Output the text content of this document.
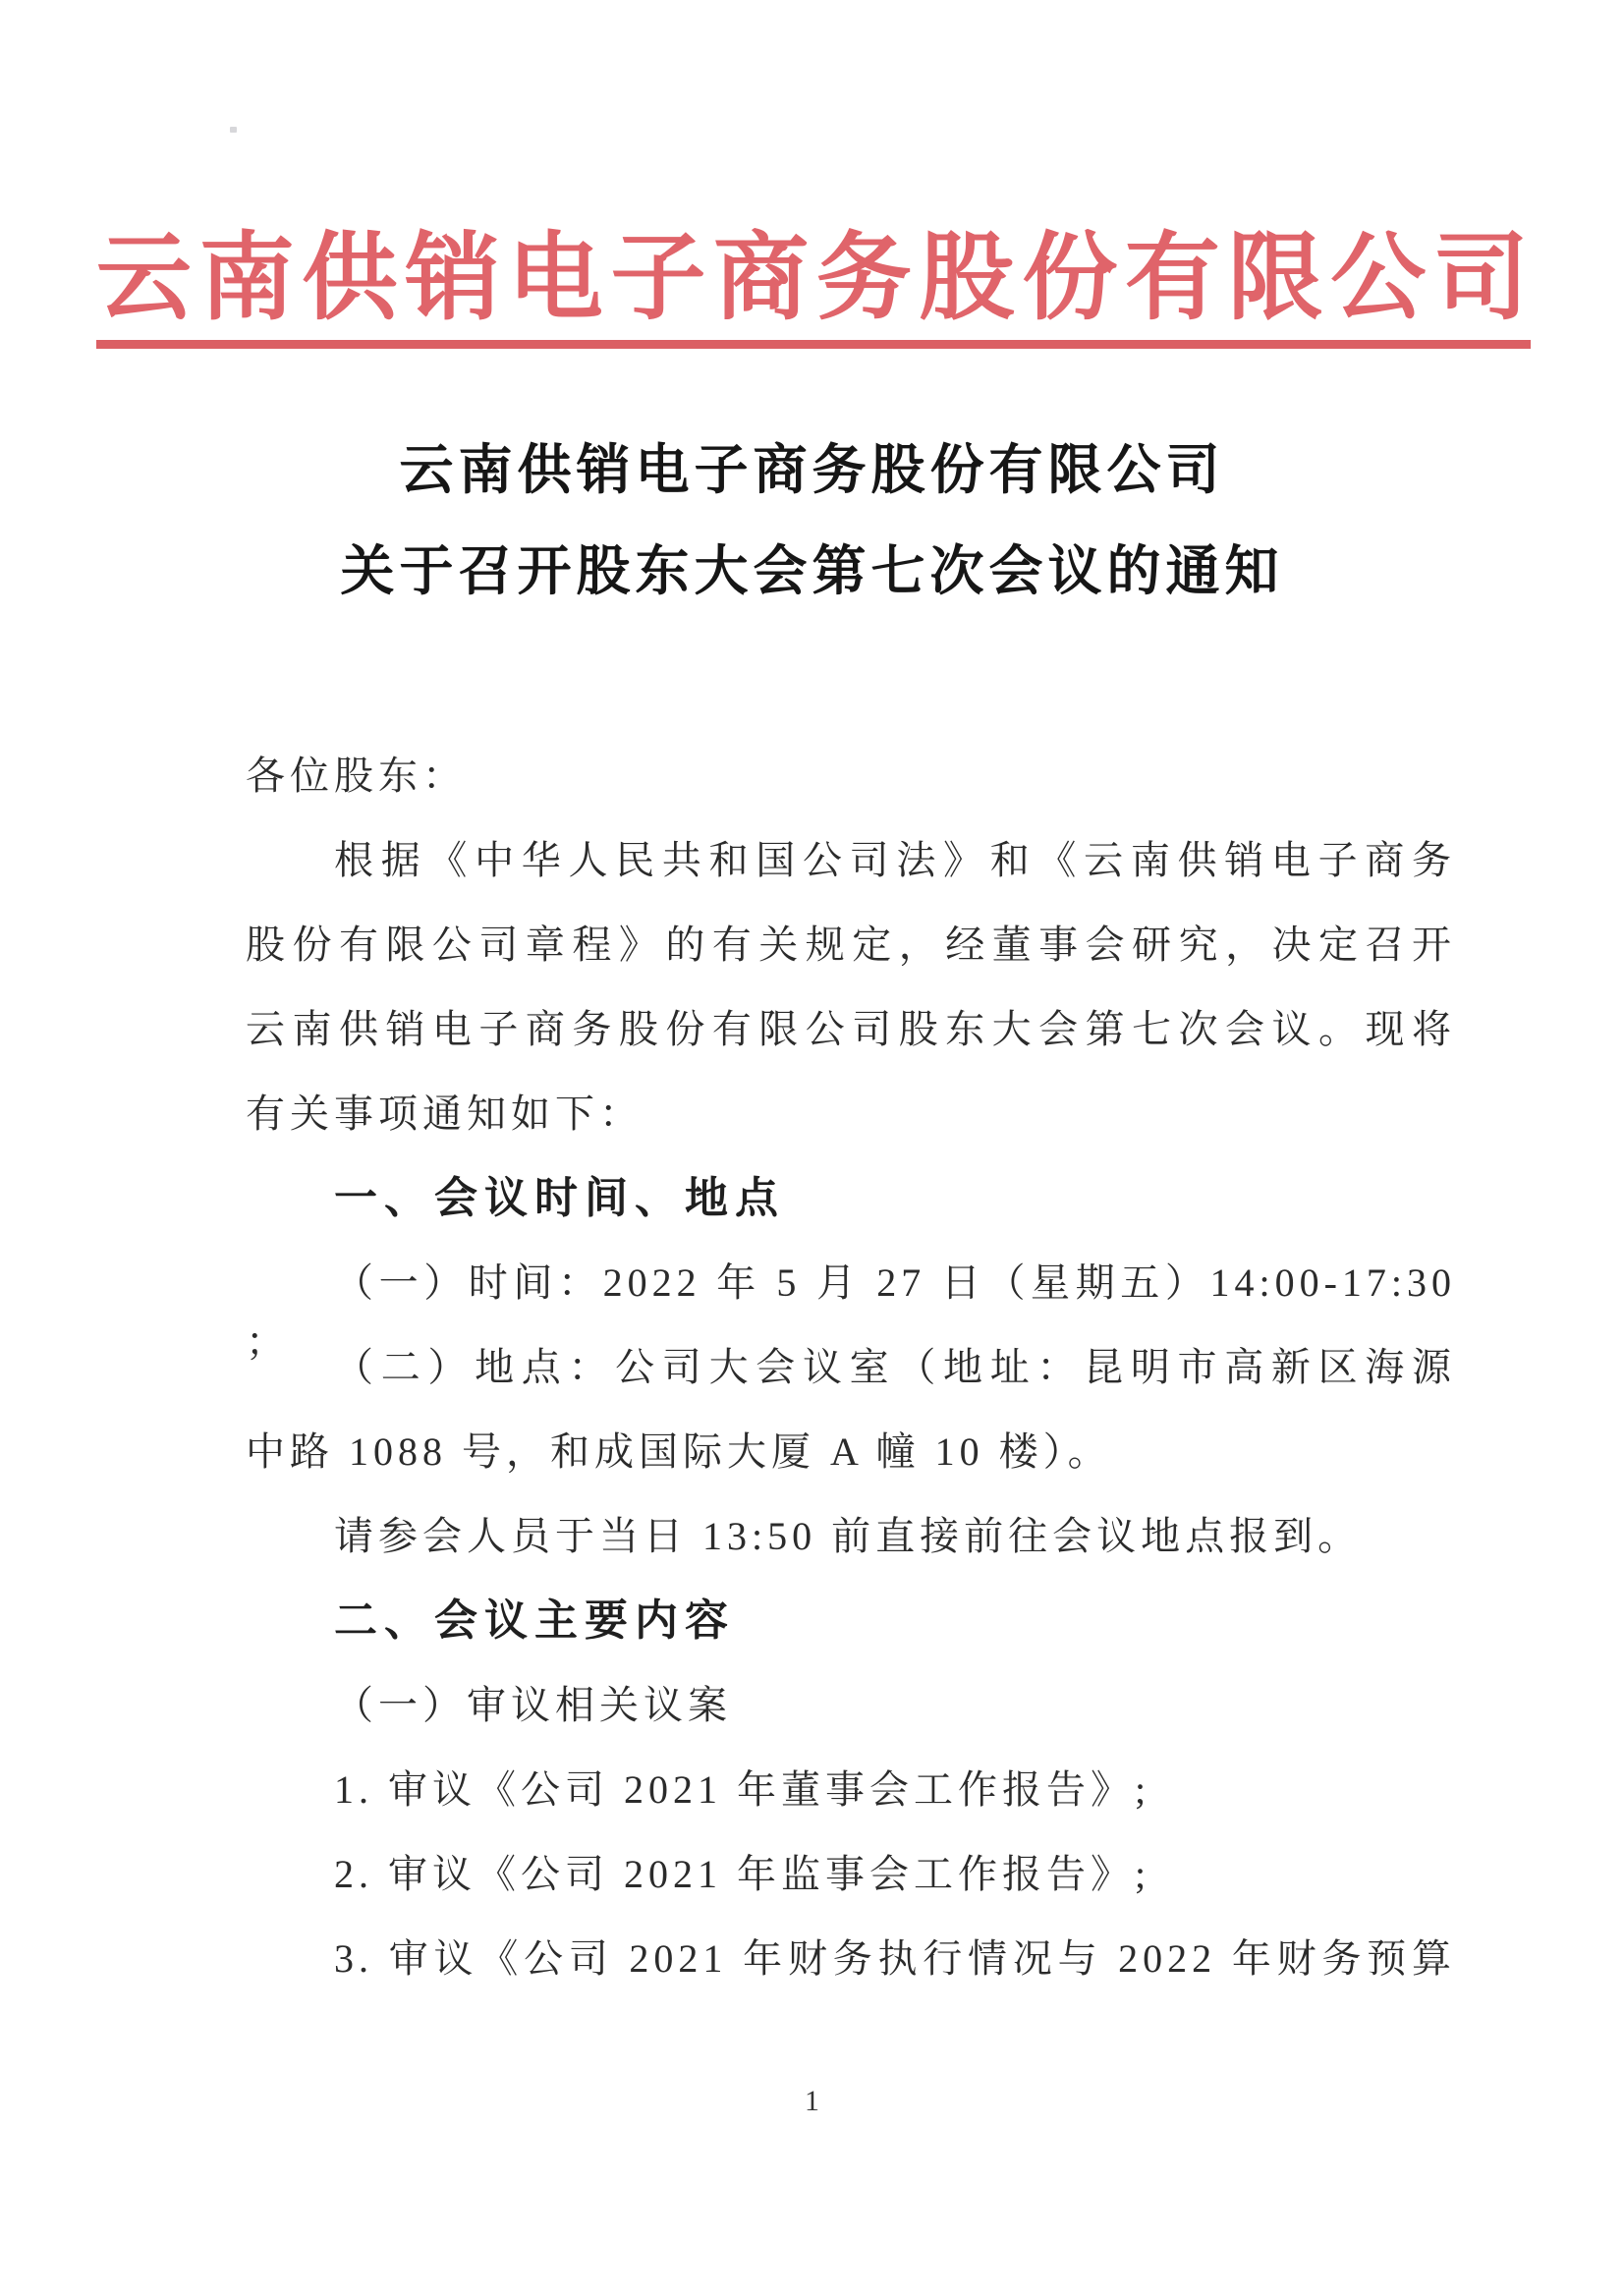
云南供销电子商务股份有限公司
云南供销电子商务股份有限公司
关于召开股东大会第七次会议的通知
各位股东：
根据《中华人民共和国公司法》和《云南供销电子商务
股份有限公司章程》的有关规定，经董事会研究，决定召开
云南供销电子商务股份有限公司股东大会第七次会议。现将
有关事项通知如下：
一、会议时间、地点
（一）时间：2022 年 5 月 27 日（星期五）14:00-17:30 ；
（二）地点：公司大会议室（地址：昆明市高新区海源
中路 1088 号，和成国际大厦 A 幢 10 楼）。
请参会人员于当日 13:50 前直接前往会议地点报到。
二、会议主要内容
（一）审议相关议案
1. 审议《公司 2021 年董事会工作报告》;
2. 审议《公司 2021 年监事会工作报告》;
3. 审议《公司 2021 年财务执行情况与 2022 年财务预算
1
